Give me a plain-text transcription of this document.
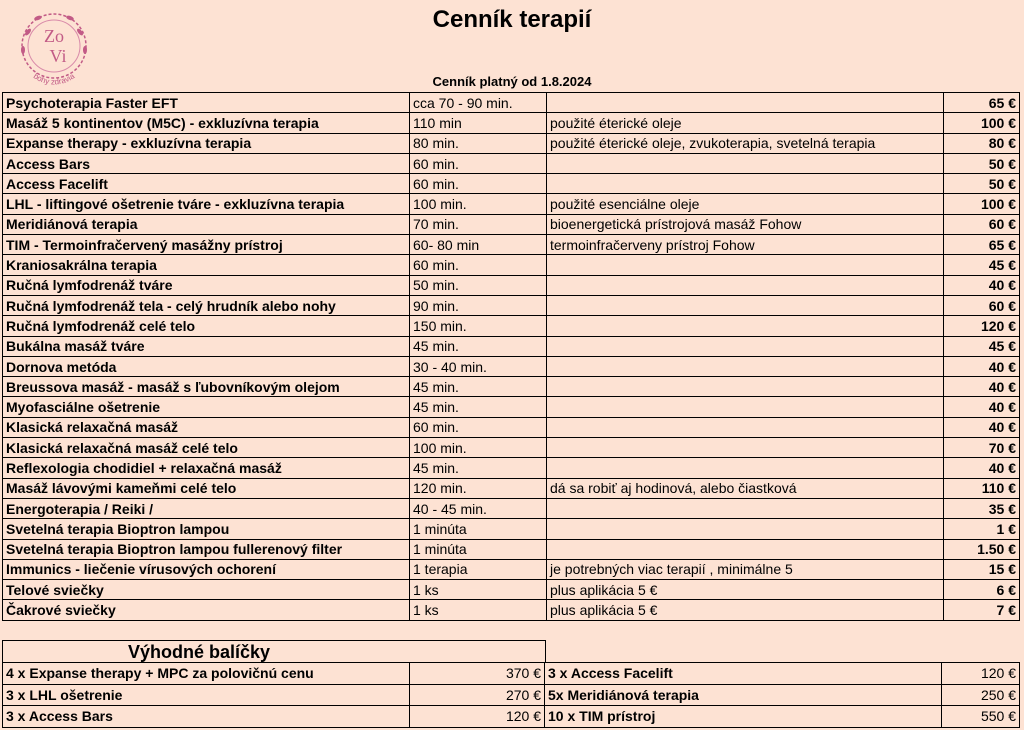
Zo
Vi
bohy zdravia
Cenník terapií
Cenník platný od 1.8.2024
Psychoterapia Faster EFT	cca 70 - 90 min.		65 €
Masáž 5 kontinentov (M5C) - exkluzívna terapia	110 min	použité éterické oleje	100 €
Expanse therapy - exkluzívna terapia	80 min.	použité éterické oleje, zvukoterapia, svetelná terapia	80 €
Access Bars	60 min.		50 €
Access Facelift	60 min.		50 €
LHL - liftingové ošetrenie tváre - exkluzívna terapia	100 min.	použité esenciálne oleje	100 €
Meridiánová terapia	70 min.	bioenergetická prístrojová masáž Fohow	60 €
TIM - Termoinfračervený masážny prístroj	60- 80 min	termoinfračerveny prístroj Fohow	65 €
Kraniosakrálna terapia	60 min.		45 €
Ručná lymfodrenáž tváre	50 min.		40 €
Ručná lymfodrenáž tela - celý hrudník alebo nohy	90 min.		60 €
Ručná lymfodrenáž celé telo	150 min.		120 €
Bukálna masáž tváre	45 min.		45 €
Dornova metóda	30 - 40 min.		40 €
Breussova masáž - masáž s ľubovníkovým olejom	45 min.		40 €
Myofasciálne ošetrenie	45 min.		40 €
Klasická relaxačná masáž	60 min.		40 €
Klasická relaxačná masáž celé telo	100 min.		70 €
Reflexologia chodidiel + relaxačná masáž	45 min.		40 €
Masáž lávovými kameňmi celé telo	120 min.	dá sa robiť aj hodinová, alebo čiastková	110 €
Energoterapia / Reiki /	40 - 45 min.		35 €
Svetelná terapia Bioptron lampou	1 minúta		1 €
Svetelná terapia Bioptron lampou fullerenový filter	1 minúta		1.50 €
Immunics - liečenie vírusových ochorení	1 terapia	je potrebných viac terapií , minimálne 5	15 €
Telové sviečky	1 ks	plus aplikácia 5 €	6 €
Čakrové sviečky	1 ks	plus aplikácia 5 €	7 €
Výhodné balíčky
4 x Expanse therapy + MPC za polovičnú cenu	370 €	3 x Access Facelift	120 €
3 x LHL ošetrenie	270 €	5x Meridiánová terapia	250 €
3 x Access Bars	120 €	10 x TIM prístroj	550 €
